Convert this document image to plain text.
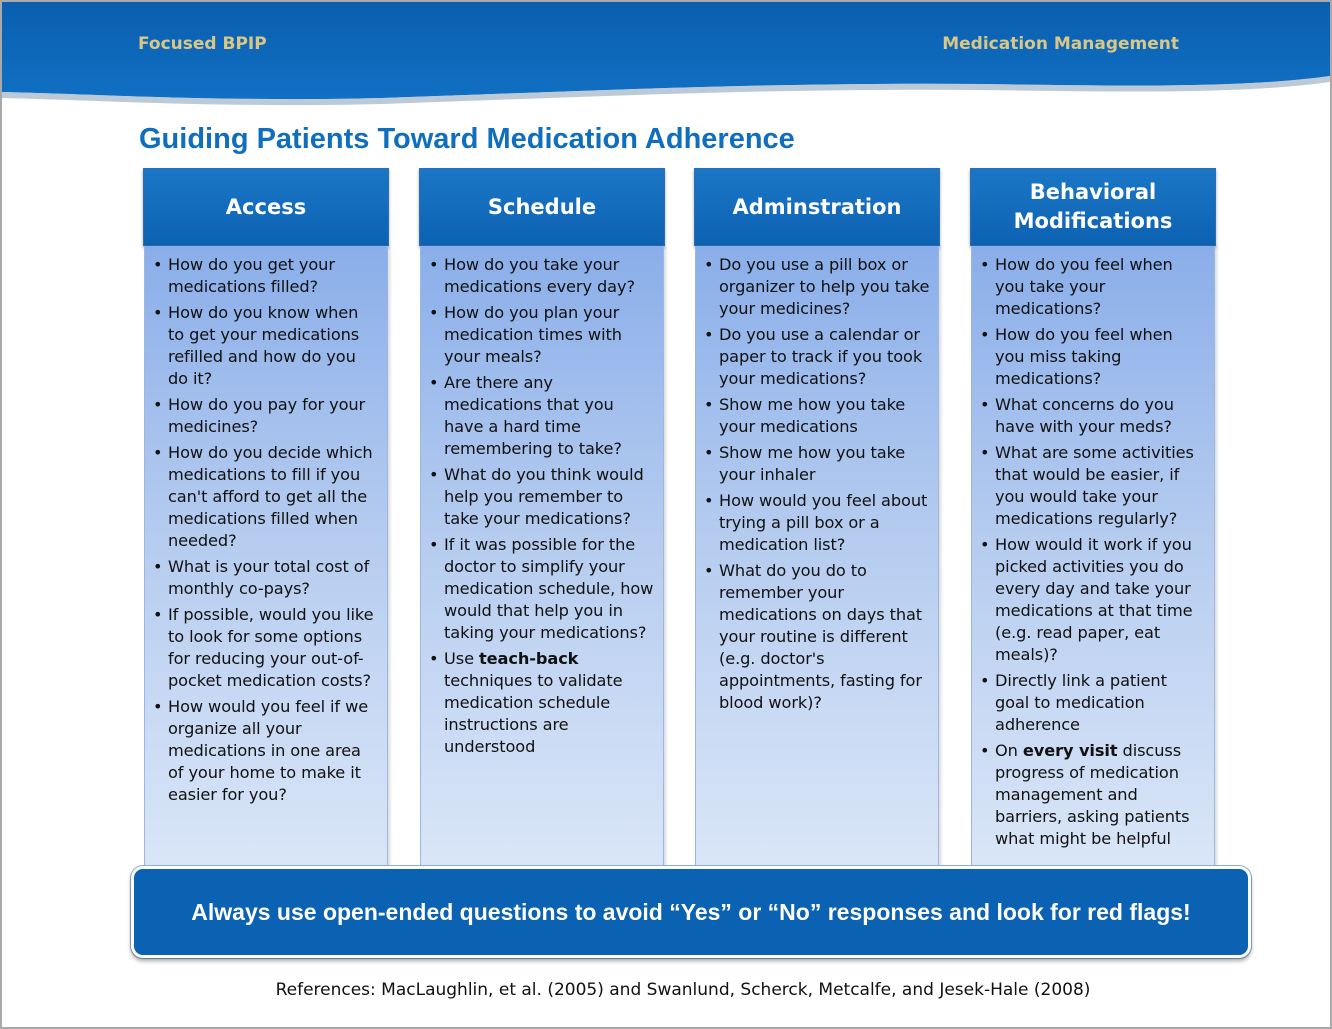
Focused BPIP	Medication Management
Guiding Patients Toward Medication Adherence
Access
• How do you get your medications filled?
• How do you know when to get your medications refilled and how do you do it?
• How do you pay for your medicines?
• How do you decide which medications to fill if you can't afford to get all the medications filled when needed?
• What is your total cost of monthly co-pays?
• If possible, would you like to look for some options for reducing your out-of-pocket medication costs?
• How would you feel if we organize all your medications in one area of your home to make it easier for you?
Schedule
• How do you take your medications every day?
• How do you plan your medication times with your meals?
• Are there any medications that you have a hard time remembering to take?
• What do you think would help you remember to take your medications?
• If it was possible for the doctor to simplify your medication schedule, how would that help you in taking your medications?
• Use teach-back techniques to validate medication schedule instructions are understood
Adminstration
• Do you use a pill box or organizer to help you take your medicines?
• Do you use a calendar or paper to track if you took your medications?
• Show me how you take your medications
• Show me how you take your inhaler
• How would you feel about trying a pill box or a medication list?
• What do you do to remember your medications on days that your routine is different (e.g. doctor's appointments, fasting for blood work)?
Behavioral Modifications
• How do you feel when you take your medications?
• How do you feel when you miss taking medications?
• What concerns do you have with your meds?
• What are some activities that would be easier, if you would take your medications regularly?
• How would it work if you picked activities you do every day and take your medications at that time (e.g. read paper, eat meals)?
• Directly link a patient goal to medication adherence
• On every visit discuss progress of medication management and barriers, asking patients what might be helpful
Always use open-ended questions to avoid “Yes” or “No” responses and look for red flags!
References: MacLaughlin, et al. (2005) and Swanlund, Scherck, Metcalfe, and Jesek-Hale (2008)
